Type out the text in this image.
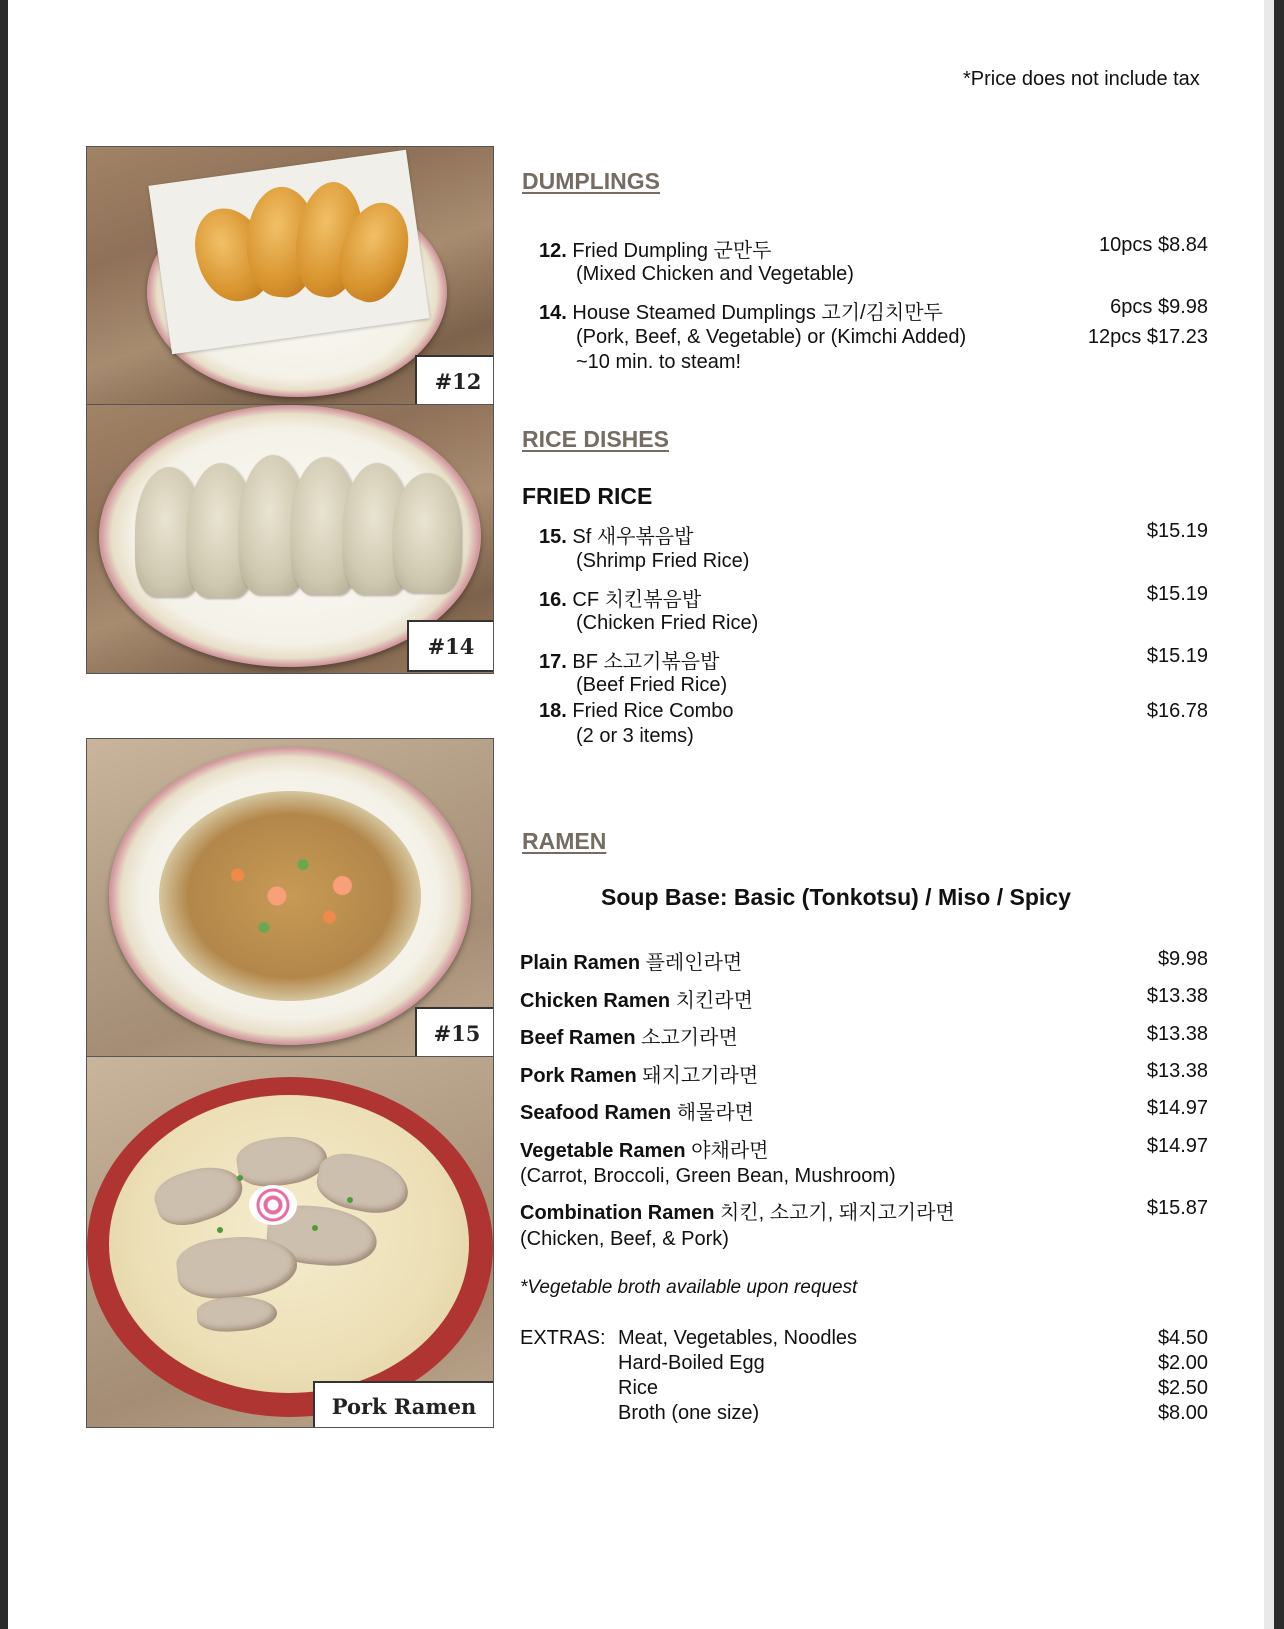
*Price does not include tax
#12
#14
#15
Pork Ramen
DUMPLINGS
12. Fried Dumpling 군만두
(Mixed Chicken and Vegetable)
10pcs $8.84
14. House Steamed Dumplings 고기/김치만두
(Pork, Beef, & Vegetable) or (Kimchi Added)
~10 min. to steam!
6pcs $9.98
12pcs $17.23
RICE DISHES
FRIED RICE
15. Sf 새우볶음밥
(Shrimp Fried Rice)
$15.19
16. CF 치킨볶음밥
(Chicken Fried Rice)
$15.19
17. BF 소고기볶음밥
(Beef Fried Rice)
$15.19
18. Fried Rice Combo
(2 or 3 items)
$16.78
RAMEN
Soup Base: Basic (Tonkotsu) / Miso / Spicy
Plain Ramen 플레인라면	$9.98
Chicken Ramen 치킨라면	$13.38
Beef Ramen 소고기라면	$13.38
Pork Ramen 돼지고기라면	$13.38
Seafood Ramen 해물라면	$14.97
Vegetable Ramen 야채라면
(Carrot, Broccoli, Green Bean, Mushroom)
$14.97
Combination Ramen 치킨, 소고기, 돼지고기라면
(Chicken, Beef, & Pork)
$15.87
*Vegetable broth available upon request
EXTRAS: Meat, Vegetables, Noodles	$4.50
Hard-Boiled Egg	$2.00
Rice	$2.50
Broth (one size)	$8.00
